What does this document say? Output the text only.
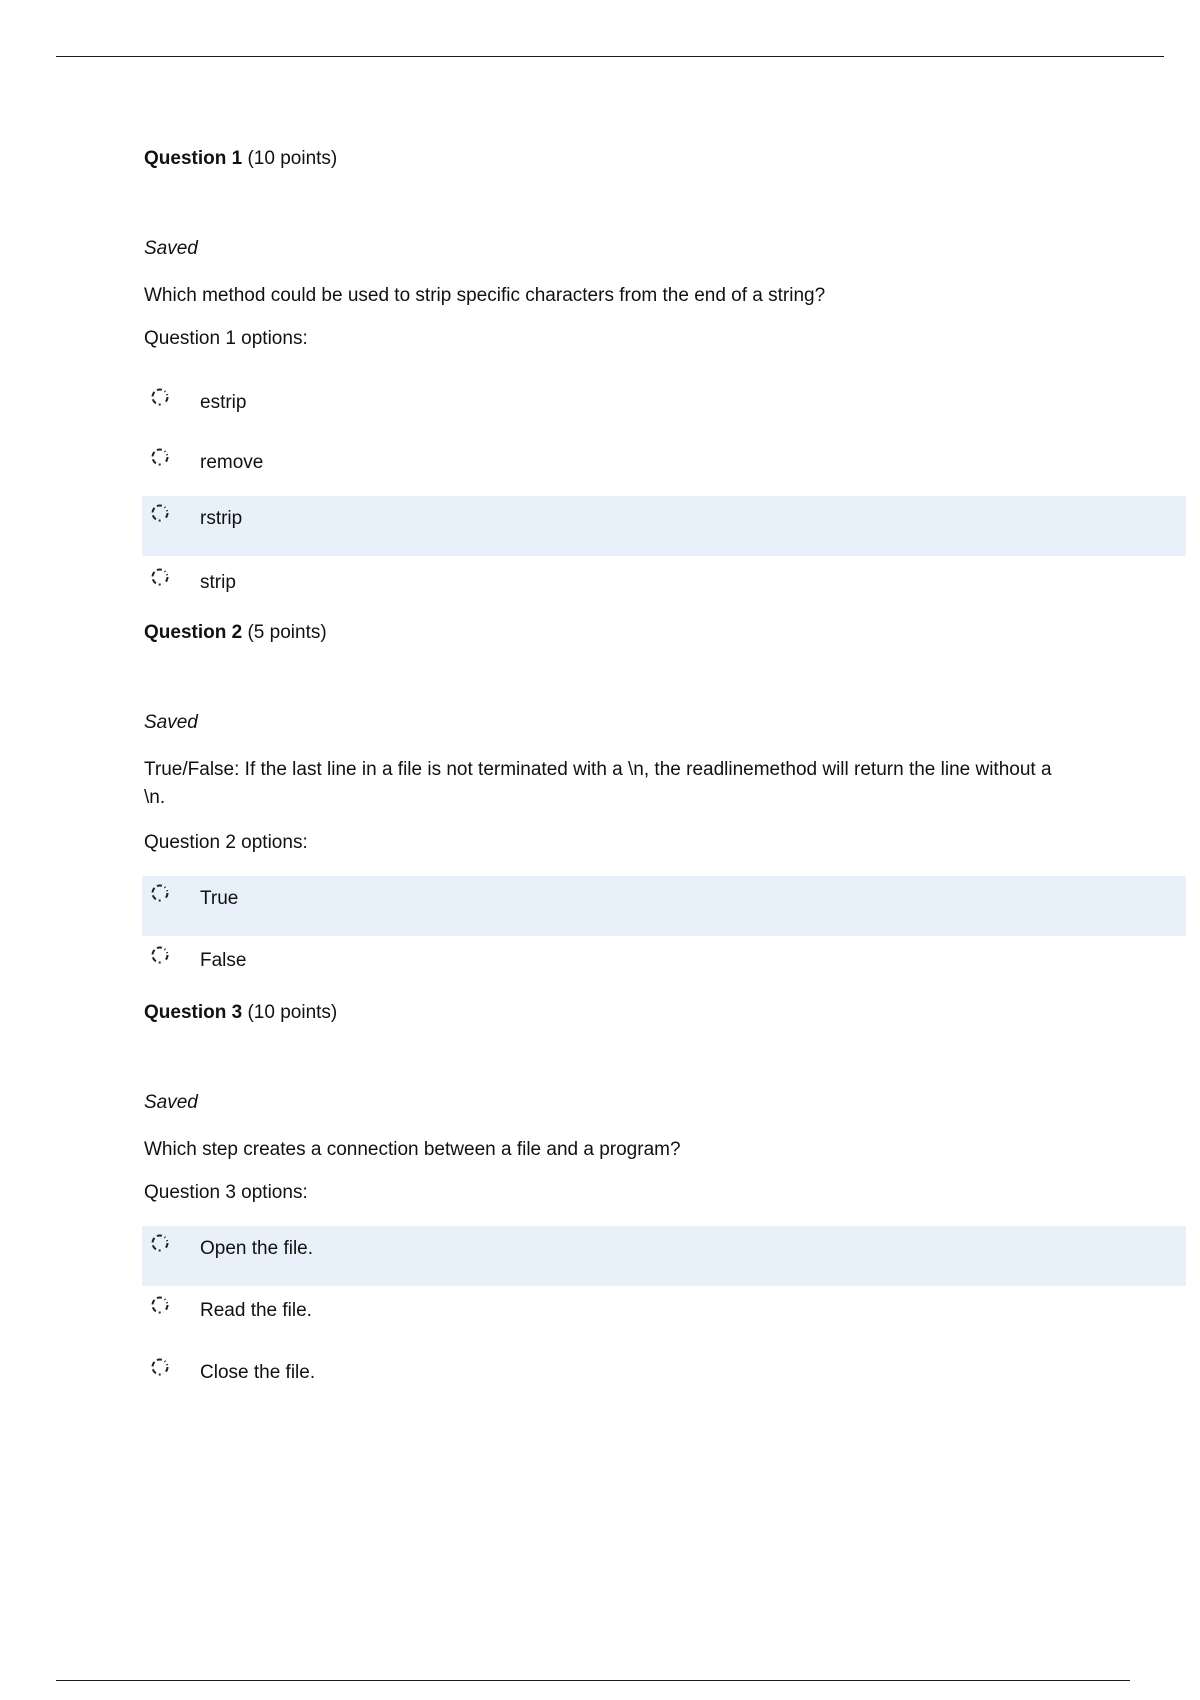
Question 1 (10 points)
Saved
Which method could be used to strip specific characters from the end of a string?
Question 1 options:
estrip
remove
rstrip
strip
Question 2 (5 points)
Saved
True/False: If the last line in a file is not terminated with a \n, the readlinemethod will return the line without a \n.
Question 2 options:
True
False
Question 3 (10 points)
Saved
Which step creates a connection between a file and a program?
Question 3 options:
Open the file.
Read the file.
Close the file.
